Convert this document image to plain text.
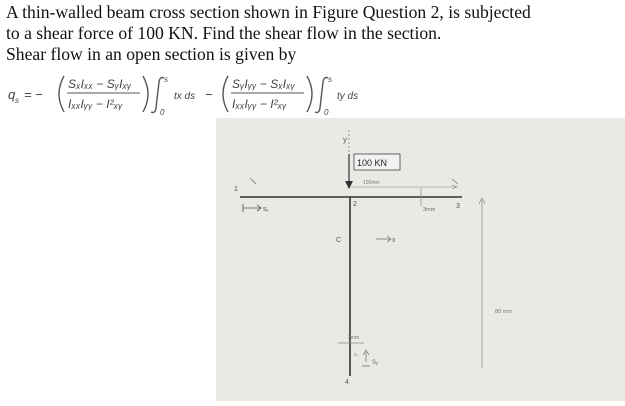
A thin-walled beam cross section shown in Figure Question 2, is subjected
to a shear force of 100 KN. Find the shear flow in the section.
Shear flow in an open section is given by
q s = −
SₓIₓₓ − SᵧIₓᵧ
IₓₓIᵧᵧ − I²ₓᵧ
s
0
tx ds −
SᵧIᵧᵧ − SₓIₓᵧ
IₓₓIᵧᵧ − I²ₓᵧ
s
0
ty ds
y
100 KN
100mm
1
2	3
3mm
s₁
C	x
80 mm
2mm
Sᵧ
s₂
4
